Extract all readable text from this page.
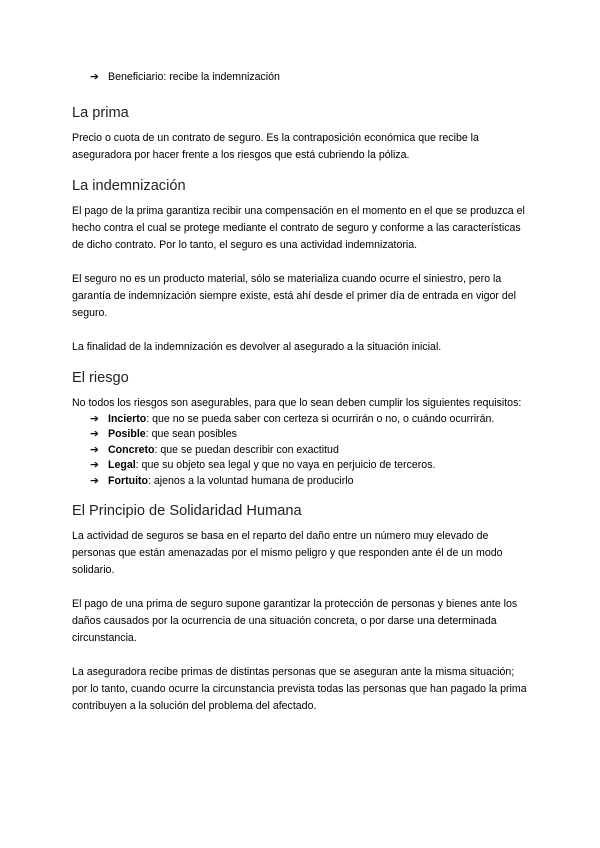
➔ Beneficiario: recibe la indemnización
La prima

Precio o cuota de un contrato de seguro. Es la contraposición económica que recibe la aseguradora por hacer frente a los riesgos que está cubriendo la póliza.

La indemnización

El pago de la prima garantiza recibir una compensación en el momento en el que se produzca el hecho contra el cual se protege mediante el contrato de seguro y conforme a las características de dicho contrato. Por lo tanto, el seguro es una actividad indemnizatoria.

El seguro no es un producto material, sólo se materializa cuando ocurre el siniestro, pero la garantía de indemnización siempre existe, está ahí desde el primer día de entrada en vigor del seguro.

La finalidad de la indemnización es devolver al asegurado a la situación inicial.

El riesgo

No todos los riesgos son asegurables, para que lo sean deben cumplir los siguientes requisitos:

➔ Incierto: que no se pueda saber con certeza si ocurrirán o no, o cuándo ocurrirán.
➔ Posible: que sean posibles
➔ Concreto: que se puedan describir con exactitud
➔ Legal: que su objeto sea legal y que no vaya en perjuicio de terceros.
➔ Fortuito: ajenos a la voluntad humana de producirlo
El Principio de Solidaridad Humana

La actividad de seguros se basa en el reparto del daño entre un número muy elevado de personas que están amenazadas por el mismo peligro y que responden ante él de un modo solidario.

El pago de una prima de seguro supone garantizar la protección de personas y bienes ante los daños causados por la ocurrencia de una situación concreta, o por darse una determinada circunstancia.

La aseguradora recibe primas de distintas personas que se aseguran ante la misma situación; por lo tanto, cuando ocurre la circunstancia prevista todas las personas que han pagado la prima contribuyen a la solución del problema del afectado.
